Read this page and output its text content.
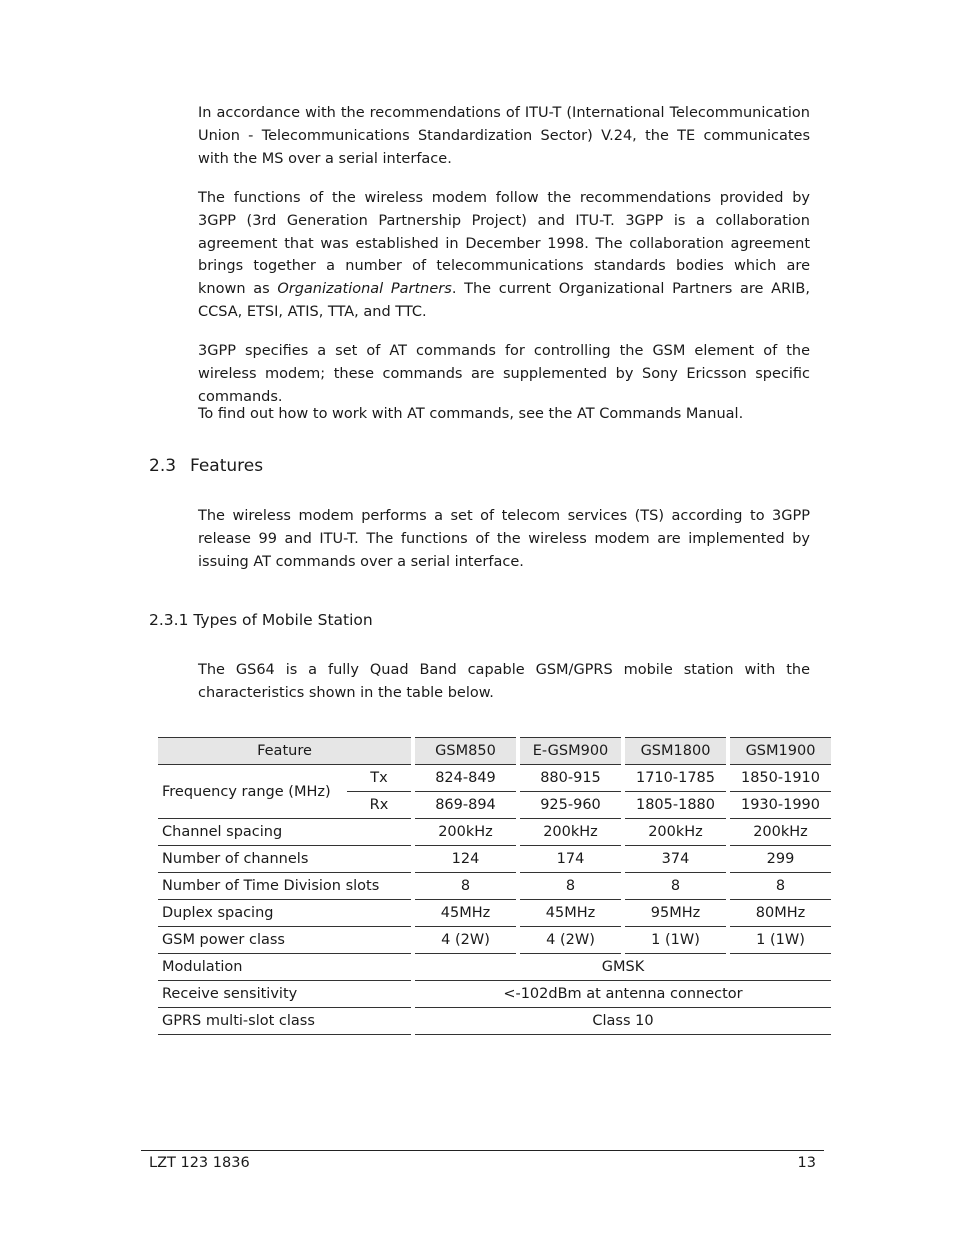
In accordance with the recommendations of ITU-T (International Telecommunication Union - Telecommunications Standardization Sector) V.24, the TE communicates with the MS over a serial interface.

The functions of the wireless modem follow the recommendations provided by 3GPP (3rd Generation Partnership Project) and ITU-T. 3GPP is a collaboration agreement that was established in December 1998. The collaboration agreement brings together a number of telecommunications standards bodies which are known as Organizational Partners. The current Organizational Partners are ARIB, CCSA, ETSI, ATIS, TTA, and TTC.

3GPP specifies a set of AT commands for controlling the GSM element of the wireless modem; these commands are supplemented by Sony Ericsson specific commands.

To find out how to work with AT commands, see the AT Commands Manual.

2.3 Features

The wireless modem performs a set of telecom services (TS) according to 3GPP release 99 and ITU-T. The functions of the wireless modem are implemented by issuing AT commands over a serial interface.

2.3.1 Types of Mobile Station

The GS64 is a fully Quad Band capable GSM/GPRS mobile station with the characteristics shown in the table below.

Feature			GSM850		E-GSM900		GSM1800		GSM1900
Frequency range (MHz)	Tx		824-849		880-915		1710-1785		1850-1910
	Rx		869-894		925-960		1805-1880		1930-1990
Channel spacing			200kHz		200kHz		200kHz		200kHz
Number of channels			124		174		374		299
Number of Time Division slots			8		8		8		8
Duplex spacing			45MHz		45MHz		95MHz		80MHz
GSM power class			4 (2W)		4 (2W)		1 (1W)		1 (1W)
Modulation			GMSK						
Receive sensitivity			<-102dBm at antenna connector						
GPRS multi-slot class			Class 10						
LZT 123 1836	13
